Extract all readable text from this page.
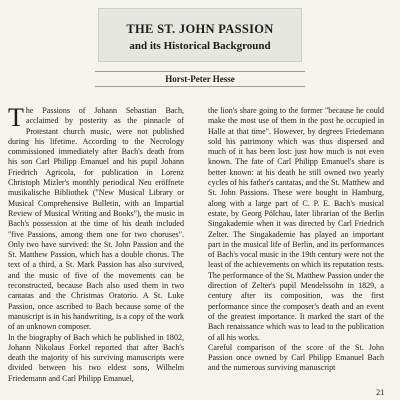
THE ST. JOHN PASSION
and its Historical Background
Horst-Peter Hesse

The Passions of Johann Sebastian Bach, acclaimed by posterity as the pinnacle of Protestant church music, were not published during his lifetime. According to the Necrology commissioned immediately after Bach's death from his son Carl Philipp Emanuel and his pupil Johann Friedrich Agricola, for publication in Lorenz Christoph Mizler's monthly periodical Neu eröffnete musikalische Bibliothek ("New Musical Library or Musical Comprehensive Bulletin, with an Impartial Review of Musical Writing and Books"), the music in Bach's possession at the time of his death included "five Passions, among them one for two choruses". Only two have survived: the St. John Passion and the St. Matthew Passion, which has a double chorus. The text of a third, a St. Mark Passion has also survived, and the music of five of the movements can be reconstructed, because Bach also used them in two cantatas and the Christmas Oratorio. A St. Luke Passion, once ascribed to Bach because some of the manuscript is in his handwriting, is a copy of the work of an unknown composer.

In the biography of Bach which he published in 1802, Johann Nikolaus Forkel reported that after Bach's death the majority of his surviving manuscripts were divided between his two eldest sons, Wilhelm Friedemann and Carl Philipp Emanuel,

the lion's share going to the former "because he could make the most use of them in the post he occupied in Halle at that time". However, by degrees Friedemann sold his patrimony which was thus dispersed and much of it has been lost: just how much is not even known. The fate of Carl Philipp Emanuel's share is better known: at his death he still owned two yearly cycles of his father's cantatas, and the St. Matthew and St. John Passions. These were bought in Hamburg, along with a large part of C. P. E. Bach's musical estate, by Georg Pölchau, later librarian of the Berlin Singakademie when it was directed by Carl Friedrich Zelter. The Singakademie has played an important part in the musical life of Berlin, and its performances of Bach's vocal music in the 19th century were not the least of the achievements on which its reputation rests. The performance of the St. Matthew Passion under the direction of Zelter's pupil Mendelssohn in 1829, a century after its composition, was the first performance since the composer's death and an event of the greatest importance. It marked the start of the Bach renaissance which was to lead to the publication of all his works.

Careful comparison of the score of the St. John Passion once owned by Carl Philipp Emanuel Bach and the numerous surviving manuscript

21
